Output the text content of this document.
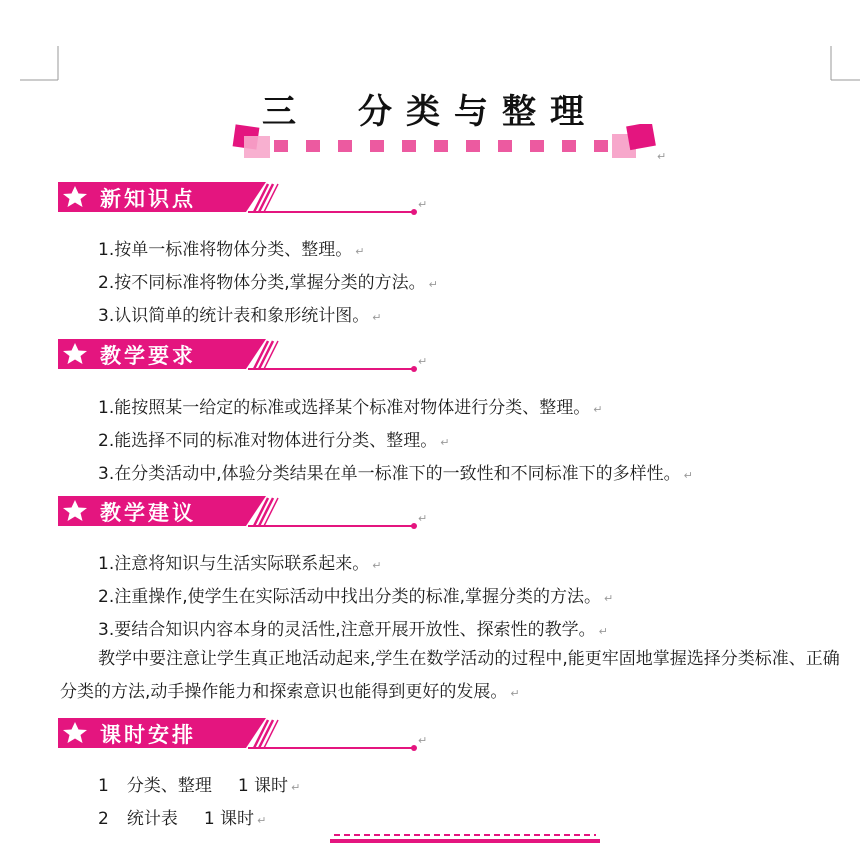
三　分类与整理
↵
新知识点	↵
1.按单一标准将物体分类、整理。 ↵
2.按不同标准将物体分类,掌握分类的方法。 ↵
3.认识简单的统计表和象形统计图。 ↵
教学要求	↵
1.能按照某一给定的标准或选择某个标准对物体进行分类、整理。 ↵
2.能选择不同的标准对物体进行分类、整理。 ↵
3.在分类活动中,体验分类结果在单一标准下的一致性和不同标准下的多样性。 ↵
教学建议	↵
1.注意将知识与生活实际联系起来。 ↵
2.注重操作,使学生在实际活动中找出分类的标准,掌握分类的方法。 ↵
3.要结合知识内容本身的灵活性,注意开展开放性、探索性的教学。 ↵
教学中要注意让学生真正地活动起来,学生在数学活动的过程中,能更牢固地掌握选择分类标准、正确分类的方法,动手操作能力和探索意识也能得到更好的发展。 ↵
课时安排	↵
1 分类、整理 1 课时 ↵
2 统计表 1 课时 ↵
